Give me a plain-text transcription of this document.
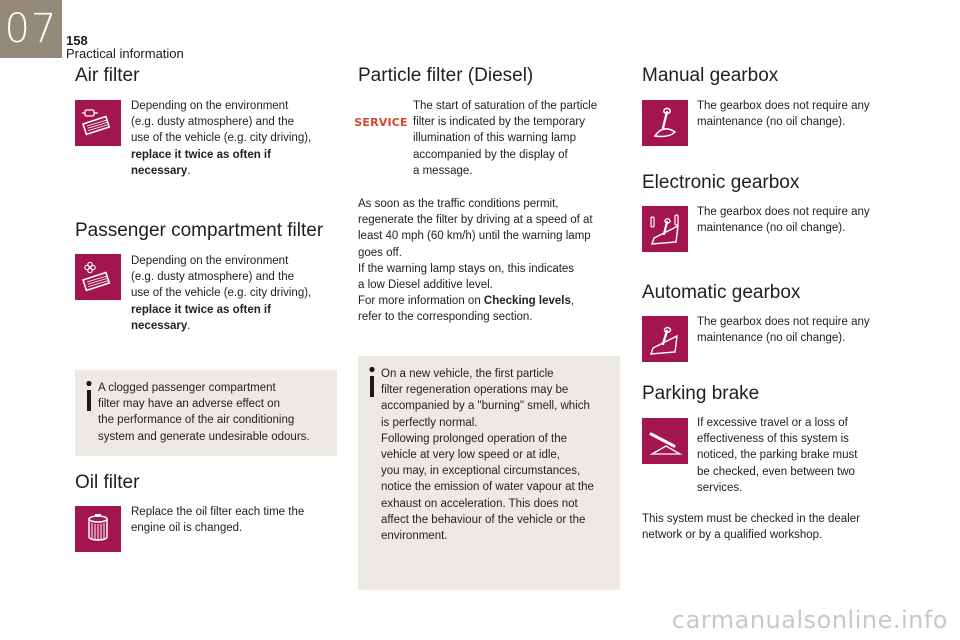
07 158
Practical information
Air filter
Depending on the environment
(e.g. dusty atmosphere) and the
use of the vehicle (e.g. city driving),
replace it twice as often if
necessary.
Passenger compartment filter
Depending on the environment
(e.g. dusty atmosphere) and the
use of the vehicle (e.g. city driving),
replace it twice as often if
necessary.
A clogged passenger compartment
filter may have an adverse effect on
the performance of the air conditioning
system and generate undesirable odours.
Oil filter
Replace the oil filter each time the
engine oil is changed.
Particle filter (Diesel)
SERVICE
The start of saturation of the particle
filter is indicated by the temporary
illumination of this warning lamp
accompanied by the display of
a message.
As soon as the traffic conditions permit,
regenerate the filter by driving at a speed of at
least 40 mph (60 km/h) until the warning lamp
goes off.
If the warning lamp stays on, this indicates
a low Diesel additive level.
For more information on Checking levels,
refer to the corresponding section.
On a new vehicle, the first particle
filter regeneration operations may be
accompanied by a "burning" smell, which
is perfectly normal.
Following prolonged operation of the
vehicle at very low speed or at idle,
you may, in exceptional circumstances,
notice the emission of water vapour at the
exhaust on acceleration. This does not
affect the behaviour of the vehicle or the
environment.
Manual gearbox
The gearbox does not require any
maintenance (no oil change).
Electronic gearbox
The gearbox does not require any
maintenance (no oil change).
Automatic gearbox
The gearbox does not require any
maintenance (no oil change).
Parking brake
If excessive travel or a loss of
effectiveness of this system is
noticed, the parking brake must
be checked, even between two
services.
This system must be checked in the dealer
network or by a qualified workshop.
carmanualsonline.info
